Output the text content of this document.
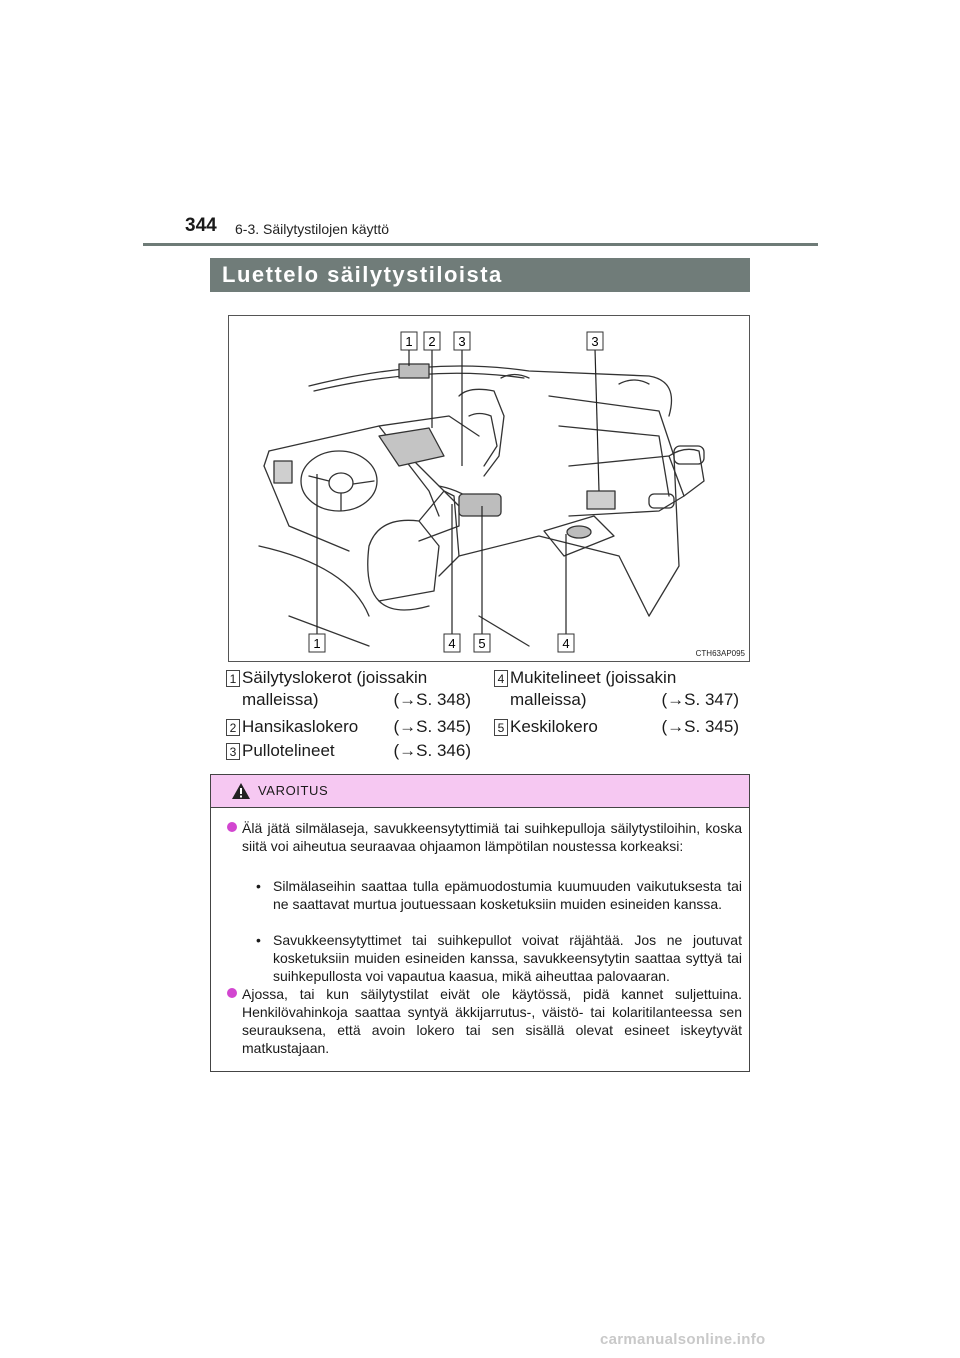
344 6-3. Säilytystilojen käyttö
Luettelo säilytystiloista
1 2 3	3
1	4 5	4
CTH63AP095
1 Säilytyslokerot (joissakin
malleissa)	(→S. 348)
2 Hansikaslokero (→S. 345)
3 Pullotelineet	(→S. 346)
4 Mukitelineet (joissakin
malleissa)	(→S. 347)
5 Keskilokero	(→S. 345)
VAROITUS
Älä jätä silmälaseja, savukkeensytyttimiä tai suihkepulloja säilytystiloihin, koska siitä voi aiheutua seuraavaa ohjaamon lämpötilan noustessa korkeaksi:
• Silmälaseihin saattaa tulla epämuodostumia kuumuuden vaikutuksesta tai ne saattavat murtua joutuessaan kosketuksiin muiden esineiden kanssa.
• Savukkeensytyttimet tai suihkepullot voivat räjähtää. Jos ne joutuvat kosketuksiin muiden esineiden kanssa, savukkeensytytin saattaa syttyä tai suihkepullosta voi vapautua kaasua, mikä aiheuttaa palovaaran.
Ajossa, tai kun säilytystilat eivät ole käytössä, pidä kannet suljettuina. Henkilövahinkoja saattaa syntyä äkkijarrutus-, väistö- tai kolaritilanteessa sen seurauksena, että avoin lokero tai sen sisällä olevat esineet iskeytyvät matkustajaan.
carmanualsonline.info
